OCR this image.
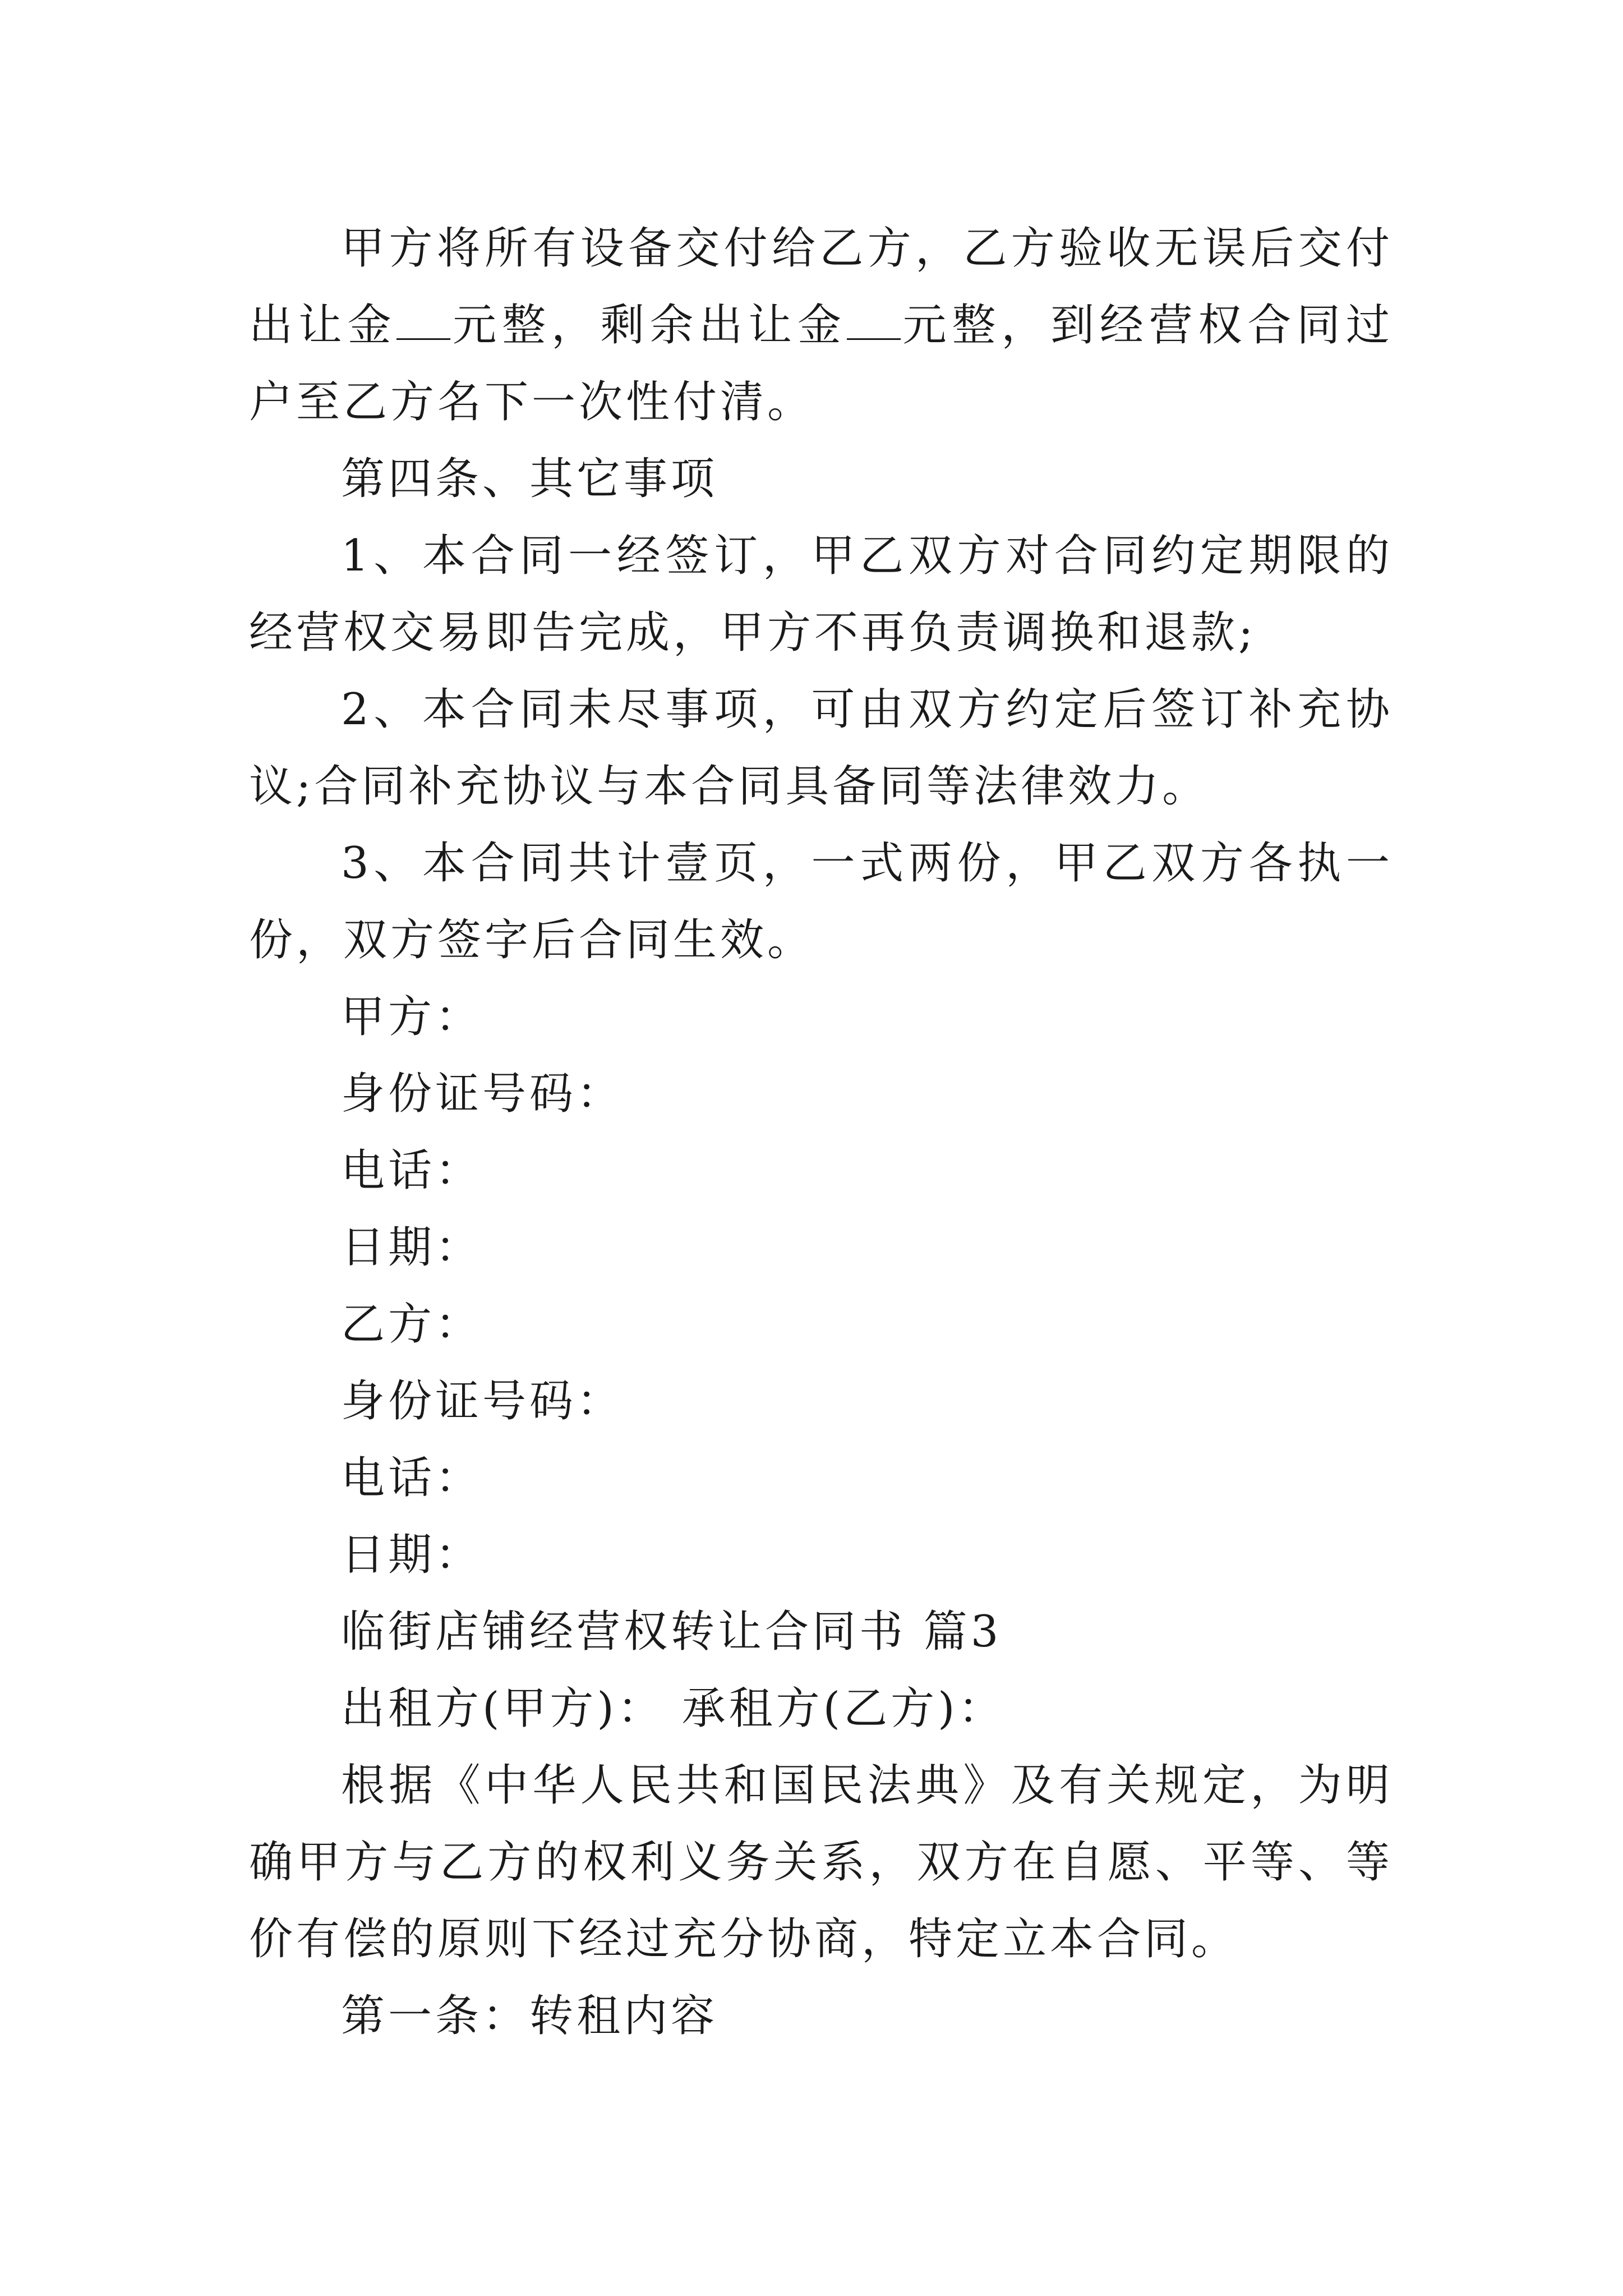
甲方将所有设备交付给乙方，乙方验收无误后交付出让金 元整，剩余出让金 元整，到经营权合同过户至乙方名下一次性付清。

第四条、其它事项

1、本合同一经签订，甲乙双方对合同约定期限的经营权交易即告完成，甲方不再负责调换和退款;

2、本合同未尽事项，可由双方约定后签订补充协议;合同补充协议与本合同具备同等法律效力。

3、本合同共计壹页，一式两份，甲乙双方各执一份，双方签字后合同生效。

甲方：

身份证号码：

电话：

日期：

乙方：

身份证号码：

电话：

日期：

临街店铺经营权转让合同书 篇3

出租方(甲方)： 承租方(乙方)：

根据《中华人民共和国民法典》及有关规定，为明确甲方与乙方的权利义务关系，双方在自愿、平等、等价有偿的原则下经过充分协商，特定立本合同。

第一条：转租内容
